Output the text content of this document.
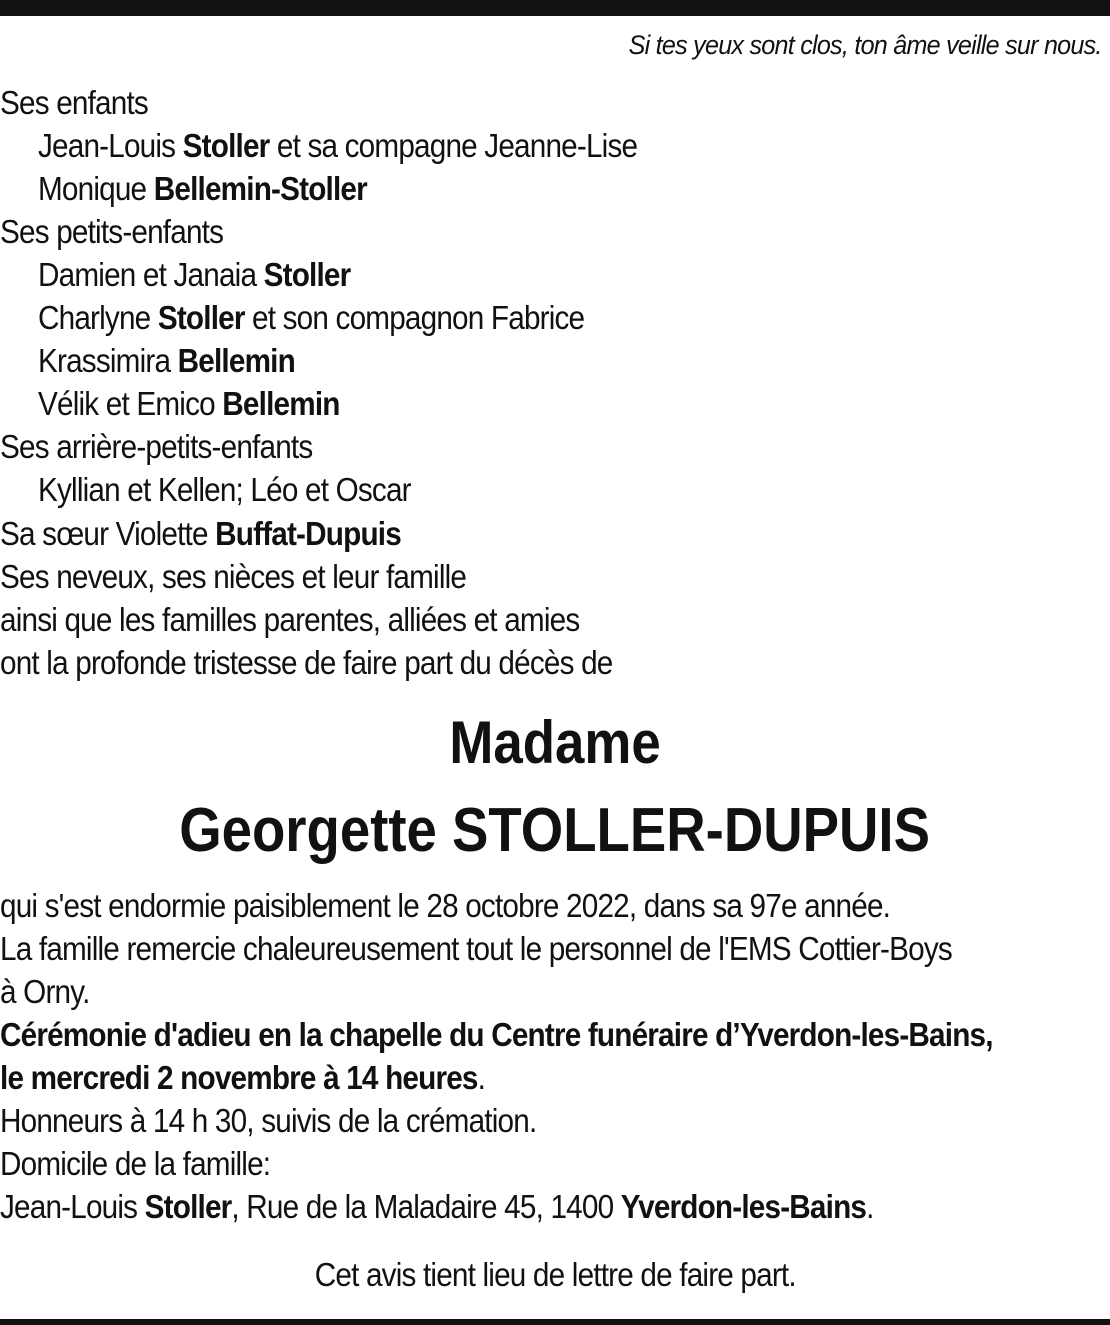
Si tes yeux sont clos, ton âme veille sur nous.
Ses enfants
Jean-Louis Stoller et sa compagne Jeanne-Lise
Monique Bellemin-Stoller
Ses petits-enfants
Damien et Janaia Stoller
Charlyne Stoller et son compagnon Fabrice
Krassimira Bellemin
Vélik et Emico Bellemin
Ses arrière-petits-enfants
Kyllian et Kellen; Léo et Oscar
Sa sœur Violette Buffat-Dupuis
Ses neveux, ses nièces et leur famille
ainsi que les familles parentes, alliées et amies
ont la profonde tristesse de faire part du décès de
Madame
Georgette STOLLER-DUPUIS
qui s'est endormie paisiblement le 28 octobre 2022, dans sa 97e année.
La famille remercie chaleureusement tout le personnel de l'EMS Cottier-Boys
à Orny.
Cérémonie d'adieu en la chapelle du Centre funéraire d’Yverdon-les-Bains,
le mercredi 2 novembre à 14 heures.
Honneurs à 14 h 30, suivis de la crémation.
Domicile de la famille:
Jean-Louis Stoller, Rue de la Maladaire 45, 1400 Yverdon-les-Bains.
Cet avis tient lieu de lettre de faire part.
